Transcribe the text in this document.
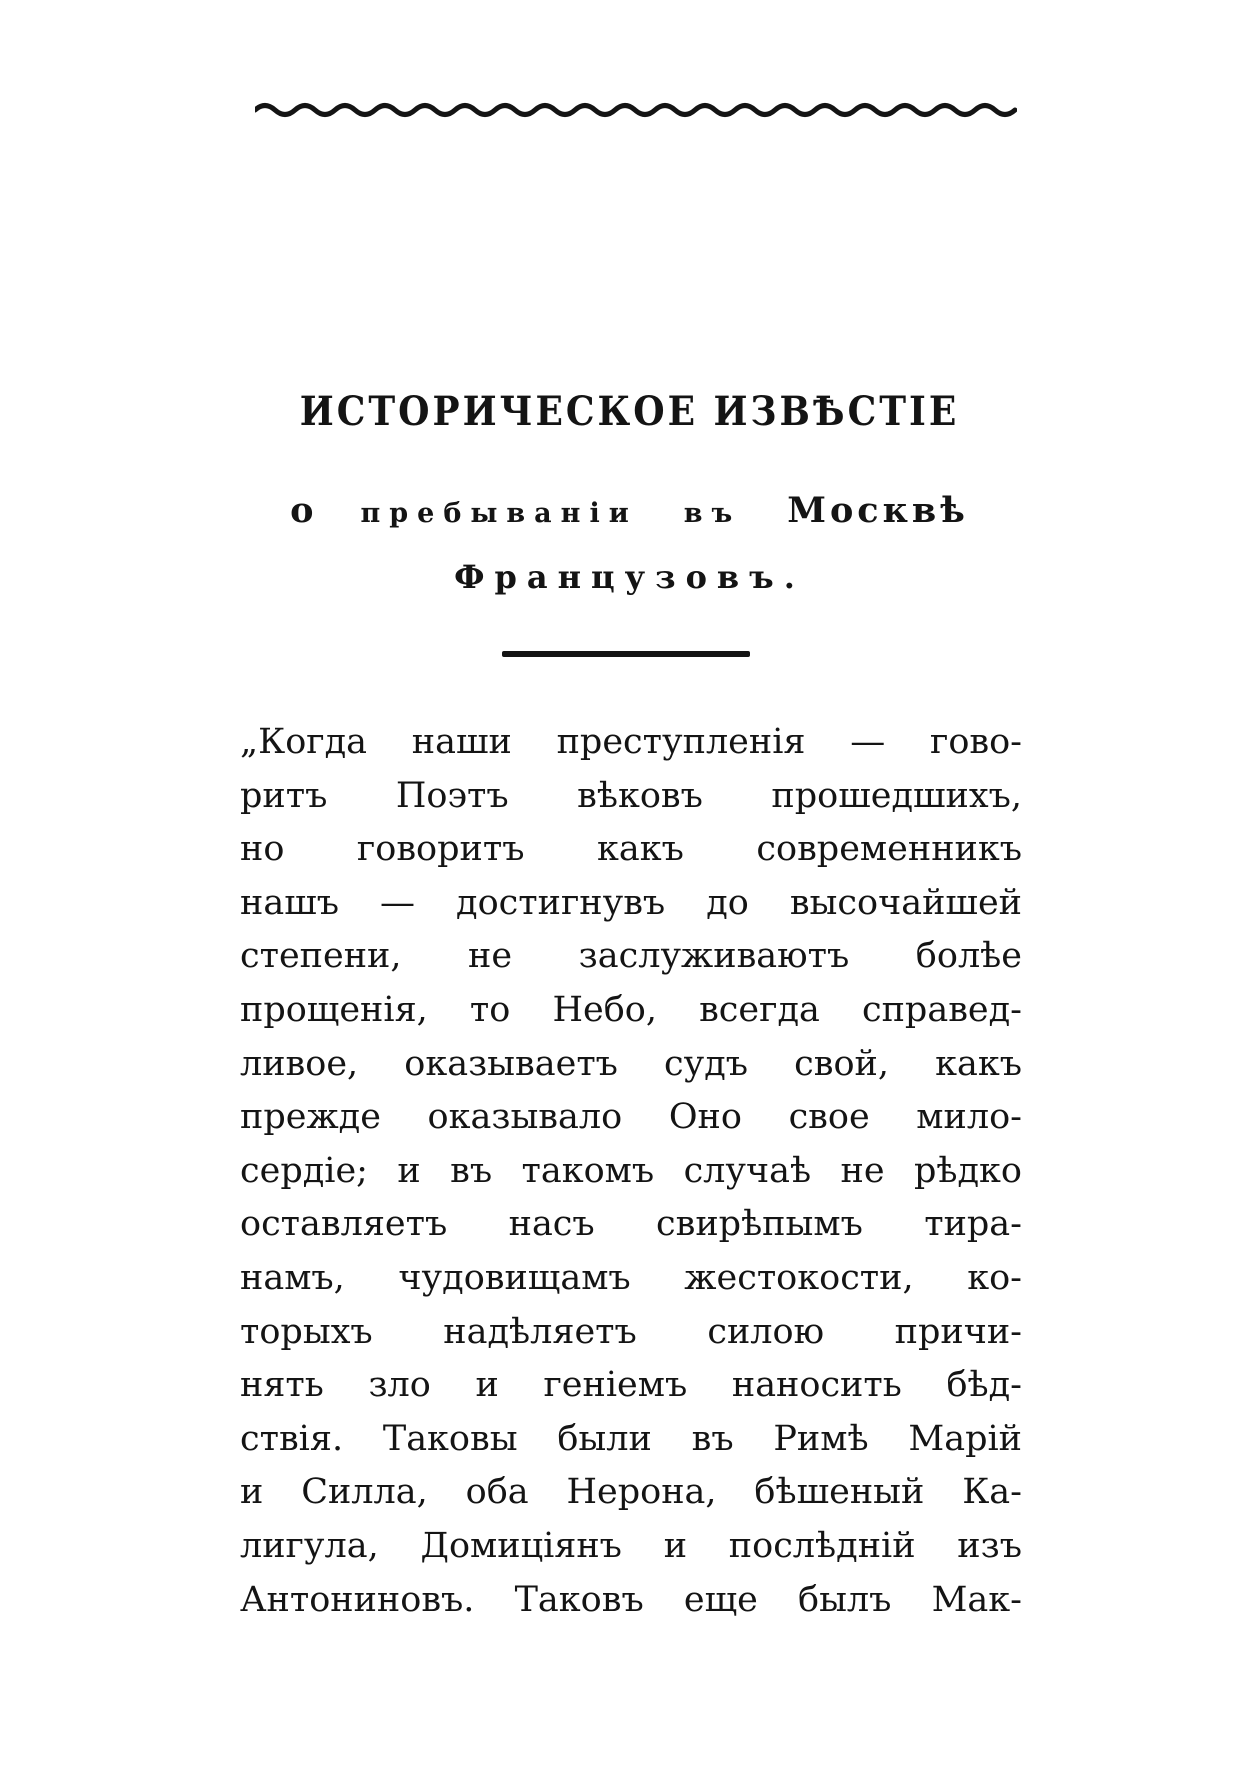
ИСТОРИЧЕСКОЕ ИЗВѢСТІЕ
о пребываніи въ Москвѣ
Французовъ.
„Когда наши преступленія — гово-
ритъ Поэтъ вѣковъ прошедшихъ,
но говоритъ какъ современникъ
нашъ — достигнувъ до высочайшей
степени, не заслуживаютъ болѣе
прощенія, то Небо, всегда справед-
ливое, оказываетъ судъ свой, какъ
прежде оказывало Оно свое мило-
сердіе; и въ такомъ случаѣ не рѣдко
оставляетъ насъ свирѣпымъ тира-
намъ, чудовищамъ жестокости, ко-
торыхъ надѣляетъ силою причи-
нять зло и геніемъ наносить бѣд-
ствія. Таковы были въ Римѣ Марій
и Силла, оба Нерона, бѣшеный Ка-
лигула, Домиціянъ и послѣдній изъ
Антониновъ. Таковъ еще былъ Мак-
